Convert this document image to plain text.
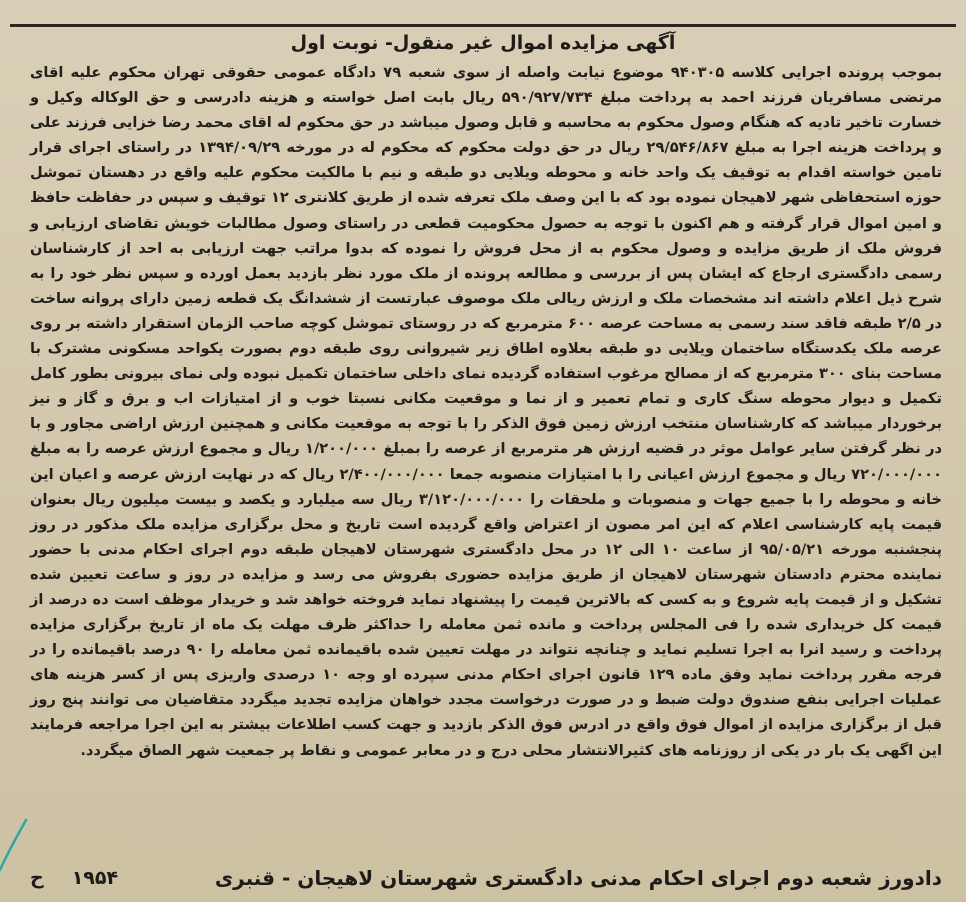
آگهی مزایده اموال غیر منقول- نوبت اول
بموجب پرونده اجرایی کلاسه ۹۴۰۳۰۵ موضوع نیابت واصله از سوی شعبه ۷۹ دادگاه عمومی حقوقی تهران محکوم علیه اقای مرتضی مسافریان فرزند احمد به پرداخت مبلغ ۵۹۰/۹۲۷/۷۳۴ ریال بابت اصل خواسته و هزینه دادرسی و حق الوکاله وکیل و خسارت تاخیر تادیه که هنگام وصول محکوم به محاسبه و قابل وصول میباشد در حق محکوم له اقای محمد رضا خزایی فرزند علی و پرداخت هزینه اجرا به مبلغ ۲۹/۵۴۶/۸۶۷ ریال در حق دولت محکوم که محکوم له در مورخه ۱۳۹۴/۰۹/۲۹ در راستای اجرای قرار تامین خواسته اقدام به توقیف یک واحد خانه و محوطه ویلایی دو طبقه و نیم با مالکیت محکوم علیه واقع در دهستان تموشل حوزه استحفاظی شهر لاهیجان نموده بود که با این وصف ملک تعرفه شده از طریق کلانتری ۱۲ توقیف و سپس در حفاظت حافظ و امین اموال قرار گرفته و هم اکنون با توجه به حصول محکومیت قطعی در راستای وصول مطالبات خویش تقاضای ارزیابی و فروش ملک از طریق مزایده و وصول محکوم به از محل فروش را نموده که بدوا مراتب جهت ارزیابی به احد از کارشناسان رسمی دادگستری ارجاع که ایشان پس از بررسی و مطالعه پرونده از ملک مورد نظر بازدید بعمل اورده و سپس نظر خود را به شرح ذیل اعلام داشته اند مشخصات ملک و ارزش ریالی ملک موصوف عبارتست از ششدانگ یک قطعه زمین دارای پروانه ساخت در ۲/۵ طبقه فاقد سند رسمی به مساحت عرصه ۶۰۰ مترمربع که در روستای تموشل کوچه صاحب الزمان استقرار داشته بر روی عرصه ملک یکدستگاه ساختمان ویلایی دو طبقه بعلاوه اطاق زیر شیروانی روی طبقه دوم بصورت یکواحد مسکونی مشترک با مساحت بنای ۳۰۰ مترمربع که از مصالح مرغوب استفاده گردیده نمای داخلی ساختمان تکمیل نبوده ولی نمای بیرونی بطور کامل تکمیل و دیوار محوطه سنگ کاری و تمام تعمیر و از نما و موقعیت مکانی نسبتا خوب و از امتیازات اب و برق و گاز و نیز برخوردار میباشد که کارشناسان منتخب ارزش زمین فوق الذکر را با توجه به موقعیت مکانی و همچنین ارزش اراضی مجاور و با در نظر گرفتن سایر عوامل موثر در قضیه ارزش هر مترمربع از عرصه را بمبلغ ۱/۲۰۰/۰۰۰ ریال و مجموع ارزش عرصه را به مبلغ ۷۲۰/۰۰۰/۰۰۰ ریال و مجموع ارزش اعیانی را با امتیازات منصوبه جمعا ۲/۴۰۰/۰۰۰/۰۰۰ ریال که در نهایت ارزش عرصه و اعیان این خانه و محوطه را با جمیع جهات و منصوبات و ملحقات را ۳/۱۲۰/۰۰۰/۰۰۰ ریال سه میلیارد و یکصد و بیست میلیون ریال بعنوان قیمت پایه کارشناسی اعلام که این امر مصون از اعتراض واقع گردیده است تاریخ و محل برگزاری مزایده ملک مذکور در روز پنجشنبه مورخه ۹۵/۰۵/۲۱ از ساعت ۱۰ الی ۱۲ در محل دادگستری شهرستان لاهیجان طبقه دوم اجرای احکام مدنی با حضور نماینده محترم دادستان شهرستان لاهیجان از طریق مزایده حضوری بفروش می رسد و مزایده در روز و ساعت تعیین شده تشکیل و از قیمت پایه شروع و به کسی که بالاترین قیمت را پیشنهاد نماید فروخته خواهد شد و خریدار موظف است ده درصد از قیمت کل خریداری شده را فی المجلس پرداخت و مانده ثمن معامله را حداکثر ظرف مهلت یک ماه از تاریخ برگزاری مزایده پرداخت و رسید انرا به اجرا تسلیم نماید و چنانچه نتواند در مهلت تعیین شده باقیمانده ثمن معامله را ۹۰ درصد باقیمانده را در فرجه مقرر پرداخت نماید وفق ماده ۱۲۹ قانون اجرای احکام مدنی سپرده او وجه ۱۰ درصدی واریزی پس از کسر هزینه های عملیات اجرایی بنفع صندوق دولت ضبط و در صورت درخواست مجدد خواهان مزایده تجدید میگردد متقاضیان می توانند پنج روز قبل از برگزاری مزایده از اموال فوق واقع در ادرس فوق الذکر بازدید و جهت کسب اطلاعات بیشتر به این اجرا مراجعه فرمایند این اگهی یک بار در یکی از روزنامه های کثیرالانتشار محلی درج و در معابر عمومی و نقاط پر جمعیت شهر الصاق میگردد.
دادورز شعبه دوم اجرای احکام مدنی دادگستری شهرستان لاهیجان - قنبری
۱۹۵۴
ح
